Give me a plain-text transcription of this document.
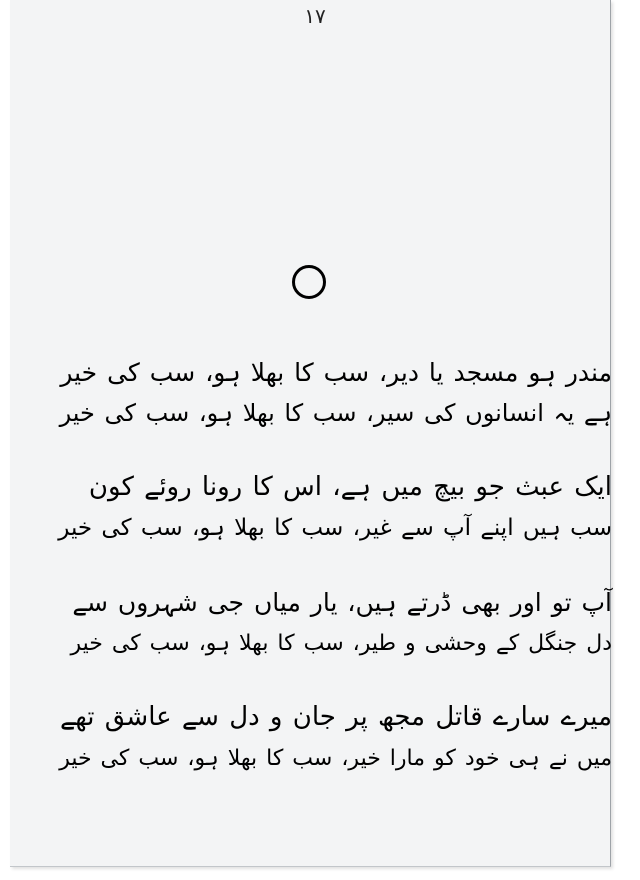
۱۷
مندر ہو مسجد یا دیر، سب کا بھلا ہو، سب کی خیر
ہے یہ انسانوں کی سیر، سب کا بھلا ہو، سب کی خیر
ایک عبث جو بیچ میں ہے، اس کا رونا روئے کون
سب ہیں اپنے آپ سے غیر، سب کا بھلا ہو، سب کی خیر
آپ تو اور بھی ڈرتے ہیں، یار میاں جی شہروں سے
دل جنگل کے وحشی و طیر، سب کا بھلا ہو، سب کی خیر
میرے سارے قاتل مجھ پر جان و دل سے عاشق تھے
میں نے ہی خود کو مارا خیر، سب کا بھلا ہو، سب کی خیر
